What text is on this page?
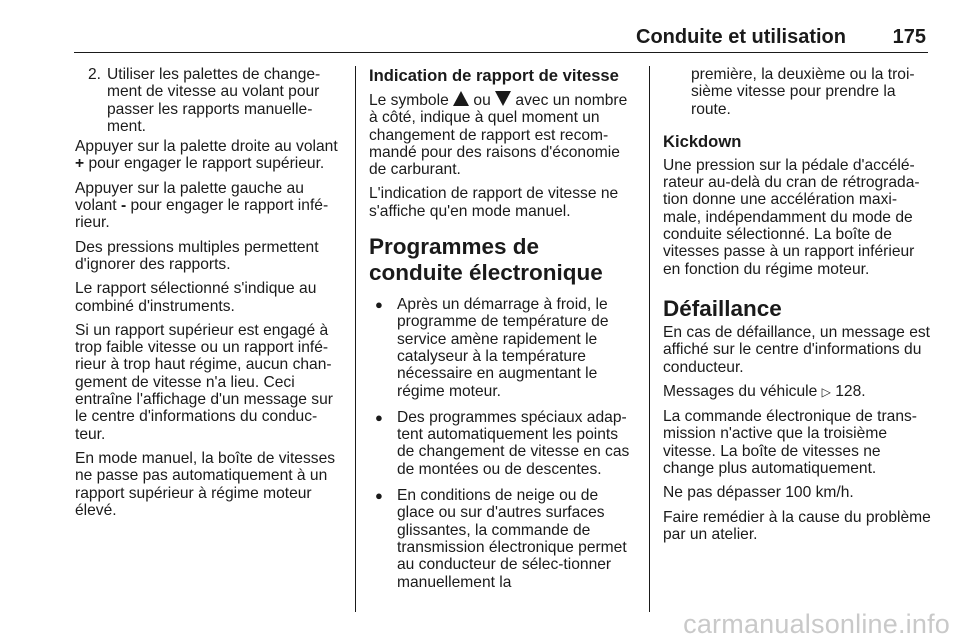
Conduite et utilisation 175
2. Utiliser les palettes de change-ment de vitesse au volant pour passer les rapports manuelle-ment.

Appuyer sur la palette droite au volant + pour engager le rapport supérieur.

Appuyer sur la palette gauche au volant - pour engager le rapport infé-rieur.

Des pressions multiples permettent d'ignorer des rapports.

Le rapport sélectionné s'indique au combiné d'instruments.

Si un rapport supérieur est engagé à trop faible vitesse ou un rapport infé-rieur à trop haut régime, aucun chan-gement de vitesse n'a lieu. Ceci entraîne l'affichage d'un message sur le centre d'informations du conduc-teur.

En mode manuel, la boîte de vitesses ne passe pas automatiquement à un rapport supérieur à régime moteur élevé.

Indication de rapport de vitesse

Le symbole  ou  avec un nombre à côté, indique à quel moment un changement de rapport est recom-mandé pour des raisons d'économie de carburant.

L'indication de rapport de vitesse ne s'affiche qu'en mode manuel.

Programmes de conduite électronique
● Après un démarrage à froid, le programme de température de service amène rapidement le catalyseur à la température nécessaire en augmentant le régime moteur.
● Des programmes spéciaux adap-tent automatiquement les points de changement de vitesse en cas de montées ou de descentes.
● En conditions de neige ou de glace ou sur d'autres surfaces glissantes, la commande de transmission électronique permet au conducteur de sélec-tionner manuellement la

première, la deuxième ou la troi-sième vitesse pour prendre la route.

Kickdown

Une pression sur la pédale d'accélé-rateur au-delà du cran de rétrograda-tion donne une accélération maxi-male, indépendamment du mode de conduite sélectionné. La boîte de vitesses passe à un rapport inférieur en fonction du régime moteur.

Défaillance

En cas de défaillance, un message est affiché sur le centre d'informations du conducteur.

Messages du véhicule ▷ 128.

La commande électronique de trans-mission n'active que la troisième vitesse. La boîte de vitesses ne change plus automatiquement.

Ne pas dépasser 100 km/h.

Faire remédier à la cause du problème par un atelier.

carmanualsonline.info
